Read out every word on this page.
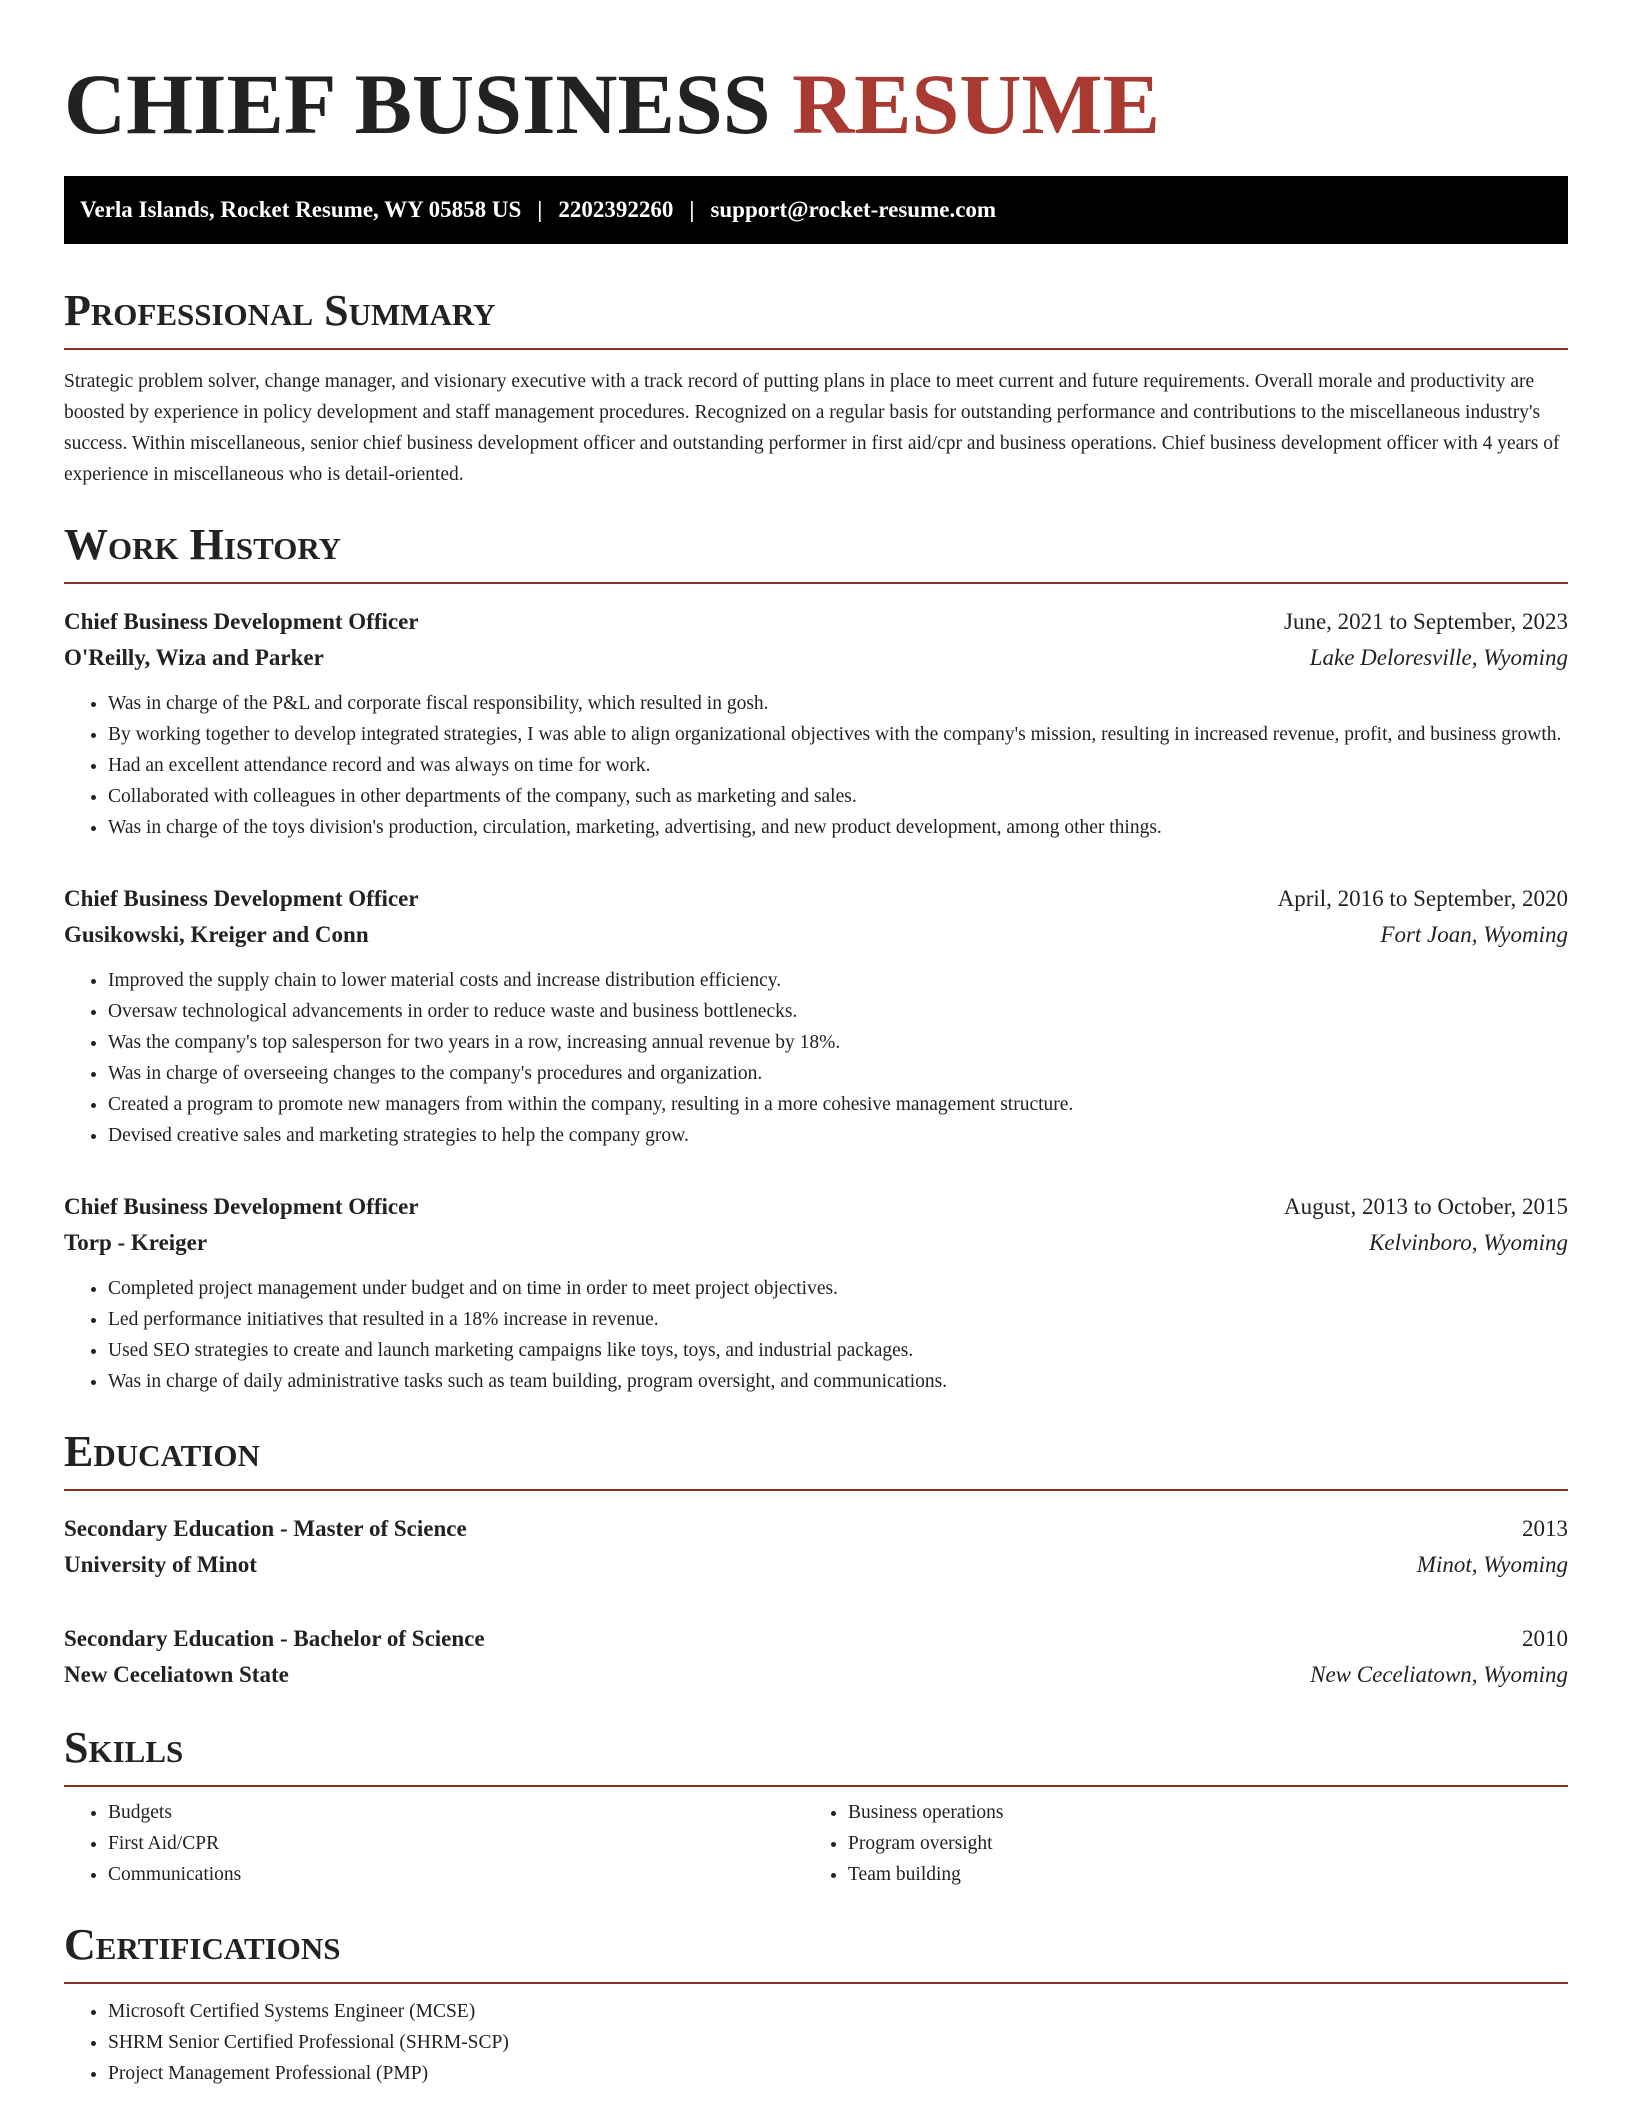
CHIEF BUSINESS RESUME
Verla Islands, Rocket Resume, WY 05858 US | 2202392260 | support@rocket-resume.com
Professional Summary

Strategic problem solver, change manager, and visionary executive with a track record of putting plans in place to meet current and future requirements. Overall morale and productivity are boosted by experience in policy development and staff management procedures. Recognized on a regular basis for outstanding performance and contributions to the miscellaneous industry's success. Within miscellaneous, senior chief business development officer and outstanding performer in first aid/cpr and business operations. Chief business development officer with 4 years of experience in miscellaneous who is detail-oriented.

Work History
Chief Business Development Officer	June, 2021 to September, 2023
O'Reilly, Wiza and Parker	Lake Deloresville, Wyoming
• Was in charge of the P&L and corporate fiscal responsibility, which resulted in gosh.
• By working together to develop integrated strategies, I was able to align organizational objectives with the company's mission, resulting in increased revenue, profit, and business growth.
• Had an excellent attendance record and was always on time for work.
• Collaborated with colleagues in other departments of the company, such as marketing and sales.
• Was in charge of the toys division's production, circulation, marketing, advertising, and new product development, among other things.
Chief Business Development Officer	April, 2016 to September, 2020
Gusikowski, Kreiger and Conn	Fort Joan, Wyoming
• Improved the supply chain to lower material costs and increase distribution efficiency.
• Oversaw technological advancements in order to reduce waste and business bottlenecks.
• Was the company's top salesperson for two years in a row, increasing annual revenue by 18%.
• Was in charge of overseeing changes to the company's procedures and organization.
• Created a program to promote new managers from within the company, resulting in a more cohesive management structure.
• Devised creative sales and marketing strategies to help the company grow.
Chief Business Development Officer	August, 2013 to October, 2015
Torp - Kreiger	Kelvinboro, Wyoming
• Completed project management under budget and on time in order to meet project objectives.
• Led performance initiatives that resulted in a 18% increase in revenue.
• Used SEO strategies to create and launch marketing campaigns like toys, toys, and industrial packages.
• Was in charge of daily administrative tasks such as team building, program oversight, and communications.
Education
Secondary Education - Master of Science	2013
University of Minot	Minot, Wyoming
Secondary Education - Bachelor of Science	2010
New Ceceliatown State	New Ceceliatown, Wyoming
Skills
• Budgets
• First Aid/CPR
• Communications
• Business operations
• Program oversight
• Team building
Certifications
• Microsoft Certified Systems Engineer (MCSE)
• SHRM Senior Certified Professional (SHRM-SCP)
• Project Management Professional (PMP)
